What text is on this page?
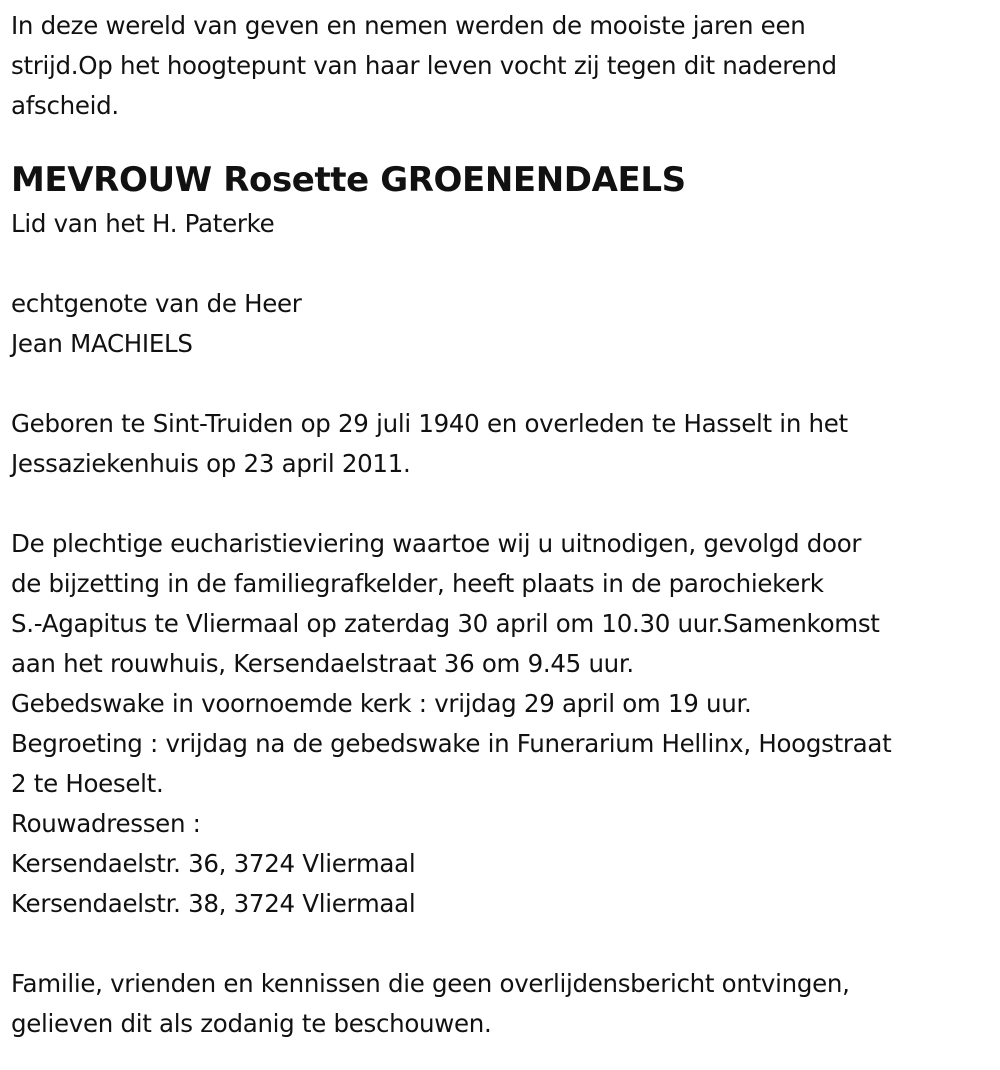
In deze wereld van geven en nemen werden de mooiste jaren een
strijd.Op het hoogtepunt van haar leven vocht zij tegen dit naderend
afscheid.
MEVROUW Rosette GROENENDAELS
Lid van het H. Paterke
echtgenote van de Heer
Jean MACHIELS
Geboren te Sint-Truiden op 29 juli 1940 en overleden te Hasselt in het
Jessaziekenhuis op 23 april 2011.
De plechtige eucharistieviering waartoe wij u uitnodigen, gevolgd door
de bijzetting in de familiegrafkelder, heeft plaats in de parochiekerk
S.-Agapitus te Vliermaal op zaterdag 30 april om 10.30 uur.Samenkomst
aan het rouwhuis, Kersendaelstraat 36 om 9.45 uur.
Gebedswake in voornoemde kerk : vrijdag 29 april om 19 uur.
Begroeting : vrijdag na de gebedswake in Funerarium Hellinx, Hoogstraat
2 te Hoeselt.
Rouwadressen :
Kersendaelstr. 36, 3724 Vliermaal
Kersendaelstr. 38, 3724 Vliermaal
Familie, vrienden en kennissen die geen overlijdensbericht ontvingen,
gelieven dit als zodanig te beschouwen.
